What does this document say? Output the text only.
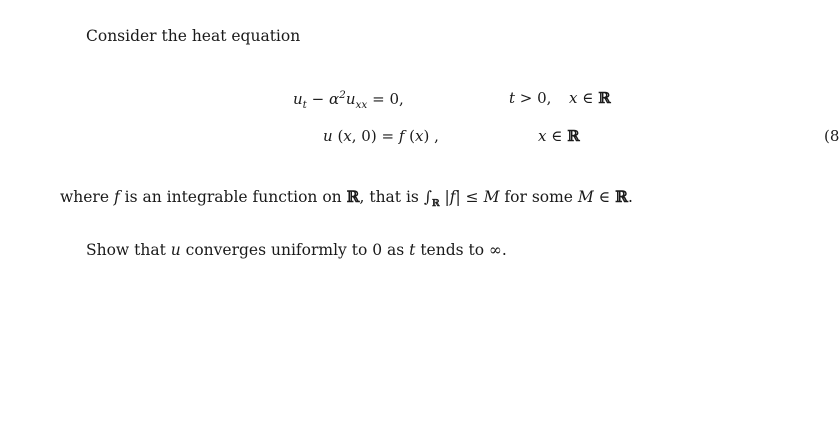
Consider the heat equation
$u_t - \alpha^2u_{xx} = 0$,	t > 0, x ∈ ℝ
u (x, 0) = f (x) ,	x ∈ ℝ	(8
where f is an integrable function on ℝ, that is $\int_ℝ$ |f| ≤ M for some M ∈ ℝ.
Show that u converges uniformly to 0 as t tends to ∞.
